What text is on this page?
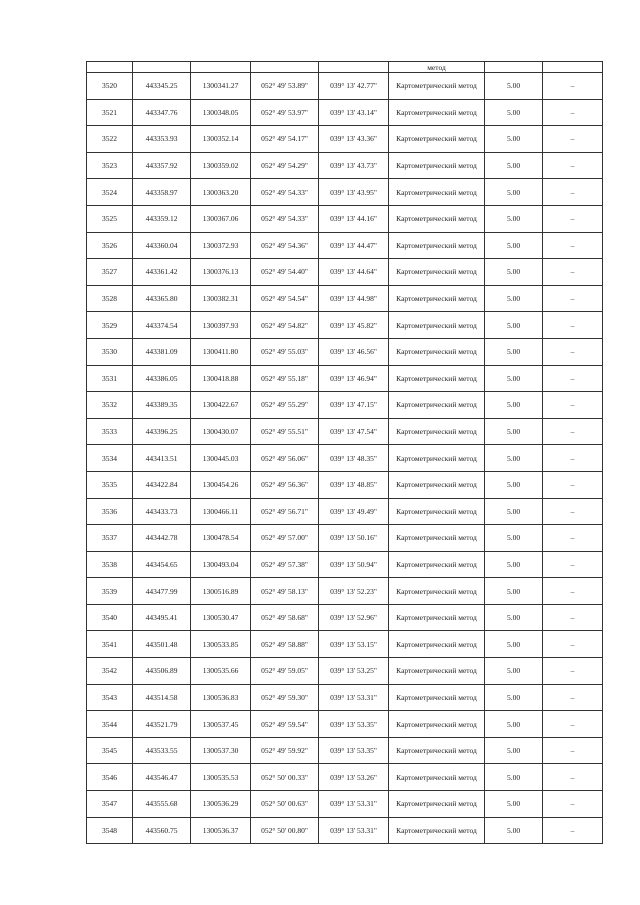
					метод		
3520	443345.25	1300341.27	052° 49' 53.89"	039° 13' 42.77"	Картометрический метод	5.00	–
3521	443347.76	1300348.05	052° 49' 53.97"	039° 13' 43.14"	Картометрический метод	5.00	–
3522	443353.93	1300352.14	052° 49' 54.17"	039° 13' 43.36"	Картометрический метод	5.00	–
3523	443357.92	1300359.02	052° 49' 54.29"	039° 13' 43.73"	Картометрический метод	5.00	–
3524	443358.97	1300363.20	052° 49' 54.33"	039° 13' 43.95"	Картометрический метод	5.00	–
3525	443359.12	1300367.06	052° 49' 54.33"	039° 13' 44.16"	Картометрический метод	5.00	–
3526	443360.04	1300372.93	052° 49' 54.36"	039° 13' 44.47"	Картометрический метод	5.00	–
3527	443361.42	1300376.13	052° 49' 54.40"	039° 13' 44.64"	Картометрический метод	5.00	–
3528	443365.80	1300382.31	052° 49' 54.54"	039° 13' 44.98"	Картометрический метод	5.00	–
3529	443374.54	1300397.93	052° 49' 54.82"	039° 13' 45.82"	Картометрический метод	5.00	–
3530	443381.09	1300411.80	052° 49' 55.03"	039° 13' 46.56"	Картометрический метод	5.00	–
3531	443386.05	1300418.88	052° 49' 55.18"	039° 13' 46.94"	Картометрический метод	5.00	–
3532	443389.35	1300422.67	052° 49' 55.29"	039° 13' 47.15"	Картометрический метод	5.00	–
3533	443396.25	1300430.07	052° 49' 55.51"	039° 13' 47.54"	Картометрический метод	5.00	–
3534	443413.51	1300445.03	052° 49' 56.06"	039° 13' 48.35"	Картометрический метод	5.00	–
3535	443422.84	1300454.26	052° 49' 56.36"	039° 13' 48.85"	Картометрический метод	5.00	–
3536	443433.73	1300466.11	052° 49' 56.71"	039° 13' 49.49"	Картометрический метод	5.00	–
3537	443442.78	1300478.54	052° 49' 57.00"	039° 13' 50.16"	Картометрический метод	5.00	–
3538	443454.65	1300493.04	052° 49' 57.38"	039° 13' 50.94"	Картометрический метод	5.00	–
3539	443477.99	1300516.89	052° 49' 58.13"	039° 13' 52.23"	Картометрический метод	5.00	–
3540	443495.41	1300530.47	052° 49' 58.68"	039° 13' 52.96"	Картометрический метод	5.00	–
3541	443501.48	1300533.85	052° 49' 58.88"	039° 13' 53.15"	Картометрический метод	5.00	–
3542	443506.89	1300535.66	052° 49' 59.05"	039° 13' 53.25"	Картометрический метод	5.00	–
3543	443514.58	1300536.83	052° 49' 59.30"	039° 13' 53.31"	Картометрический метод	5.00	–
3544	443521.79	1300537.45	052° 49' 59.54"	039° 13' 53.35"	Картометрический метод	5.00	–
3545	443533.55	1300537.30	052° 49' 59.92"	039° 13' 53.35"	Картометрический метод	5.00	–
3546	443546.47	1300535.53	052° 50' 00.33"	039° 13' 53.26"	Картометрический метод	5.00	–
3547	443555.68	1300536.29	052° 50' 00.63"	039° 13' 53.31"	Картометрический метод	5.00	–
3548	443560.75	1300536.37	052° 50' 00.80"	039° 13' 53.31"	Картометрический метод	5.00	–
